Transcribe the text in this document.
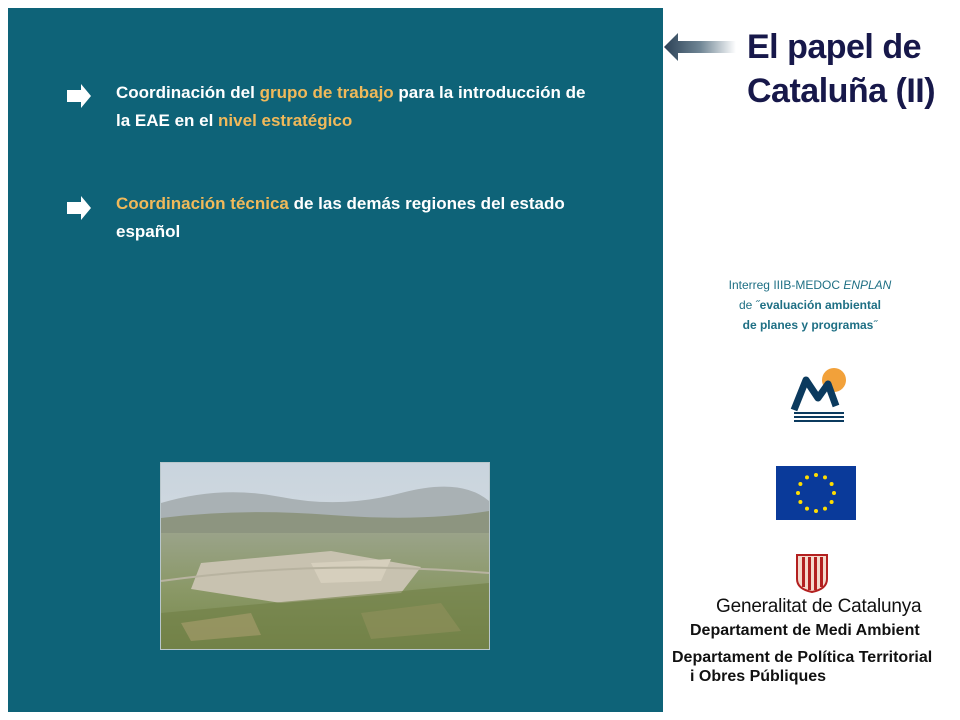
Coordinación del grupo de trabajo para la introducción de la EAE en el nivel estratégico
Coordinación técnica de las demás regiones del estado español
El papel de
Cataluña (II)
Interreg IIIB-MEDOC ENPLAN
de ˝evaluación ambiental
de planes y programas˝
Generalitat de Catalunya
Departament de Medi Ambient
Departament de Política Territorial
i Obres Públiques
